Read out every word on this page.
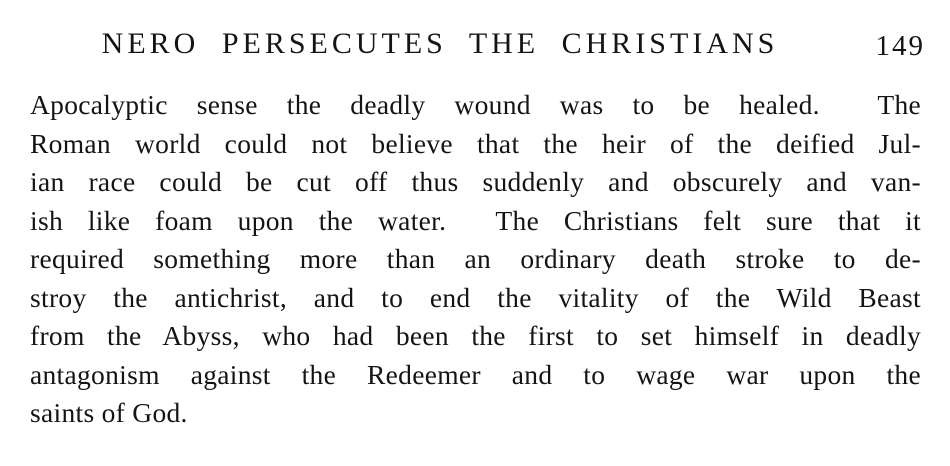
NERO PERSECUTES THE CHRISTIANS	149
Apocalyptic sense the deadly wound was to be healed.  The
Roman world could not believe that the heir of the deified Jul-
ian race could be cut off thus suddenly and obscurely and van-
ish like foam upon the water.  The Christians felt sure that it
required something more than an ordinary death stroke to de-
stroy the antichrist, and to end the vitality of the Wild Beast
from the Abyss, who had been the first to set himself in deadly
antagonism against the Redeemer and to wage war upon the
saints of God.
